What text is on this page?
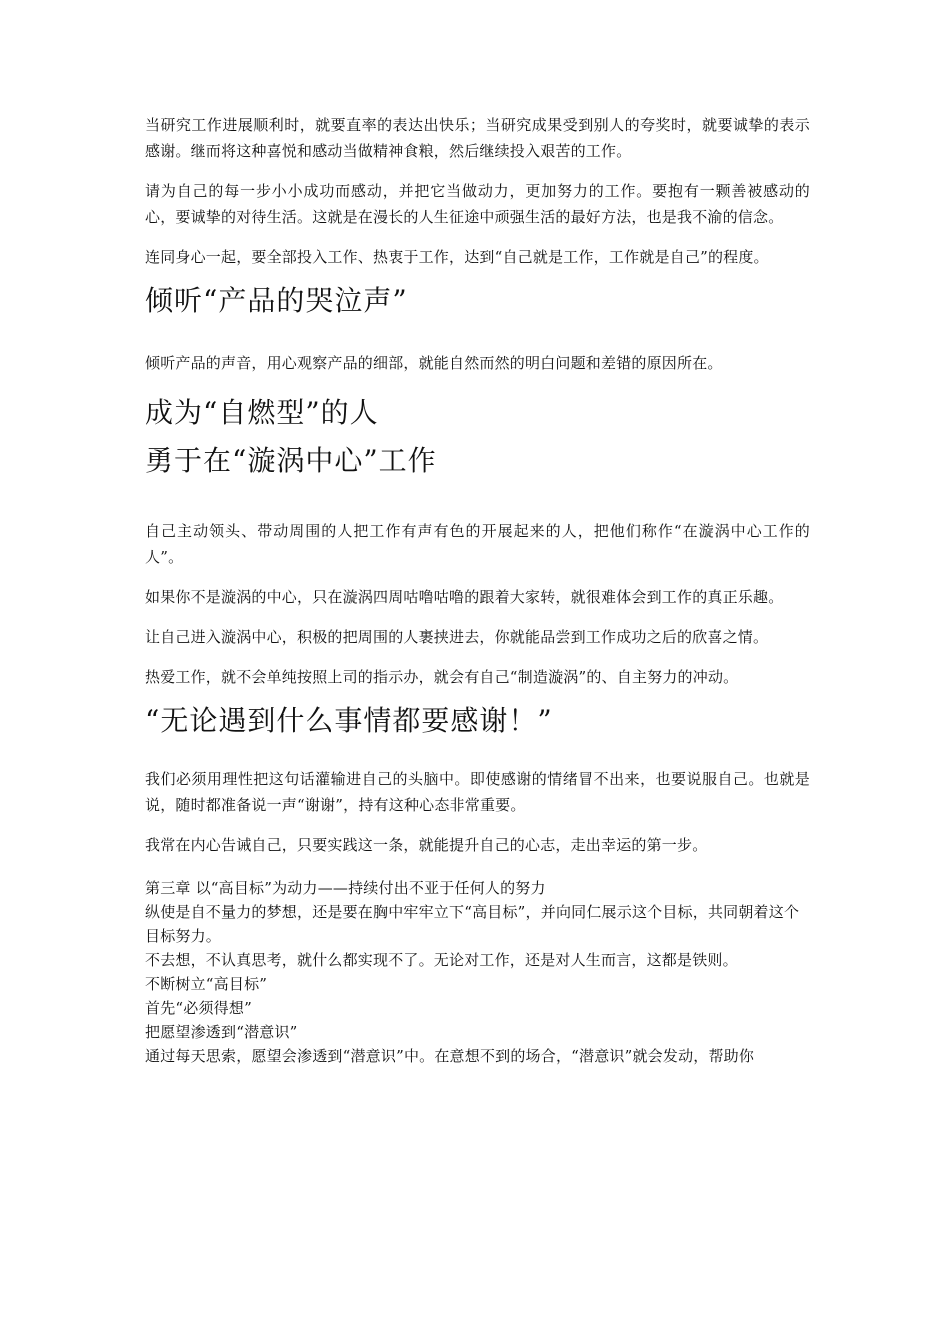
当研究工作进展顺利时，就要直率的表达出快乐；当研究成果受到别人的夸奖时，就要诚挚的表示感谢。继而将这种喜悦和感动当做精神食粮，然后继续投入艰苦的工作。

请为自己的每一步小小成功而感动，并把它当做动力，更加努力的工作。要抱有一颗善被感动的心，要诚挚的对待生活。这就是在漫长的人生征途中顽强生活的最好方法，也是我不渝的信念。

连同身心一起，要全部投入工作、热衷于工作，达到“自己就是工作，工作就是自己”的程度。

倾听“产品的哭泣声”

倾听产品的声音，用心观察产品的细部，就能自然而然的明白问题和差错的原因所在。

成为“自燃型”的人
勇于在“漩涡中心”工作

自己主动领头、带动周围的人把工作有声有色的开展起来的人，把他们称作“在漩涡中心工作的人”。

如果你不是漩涡的中心，只在漩涡四周咕噜咕噜的跟着大家转，就很难体会到工作的真正乐趣。

让自己进入漩涡中心，积极的把周围的人裹挟进去，你就能品尝到工作成功之后的欣喜之情。

热爱工作，就不会单纯按照上司的指示办，就会有自己“制造漩涡”的、自主努力的冲动。

“无论遇到什么事情都要感谢！”

我们必须用理性把这句话灌输进自己的头脑中。即使感谢的情绪冒不出来，也要说服自己。也就是说，随时都准备说一声“谢谢”，持有这种心态非常重要。

我常在内心告诫自己，只要实践这一条，就能提升自己的心志，走出幸运的第一步。

第三章 以“高目标”为动力——持续付出不亚于任何人的努力

纵使是自不量力的梦想，还是要在胸中牢牢立下“高目标”，并向同仁展示这个目标，共同朝着这个目标努力。

不去想，不认真思考，就什么都实现不了。无论对工作，还是对人生而言，这都是铁则。

不断树立“高目标”

首先“必须得想”

把愿望渗透到“潜意识”

通过每天思索，愿望会渗透到“潜意识”中。在意想不到的场合，“潜意识”就会发动，帮助你
